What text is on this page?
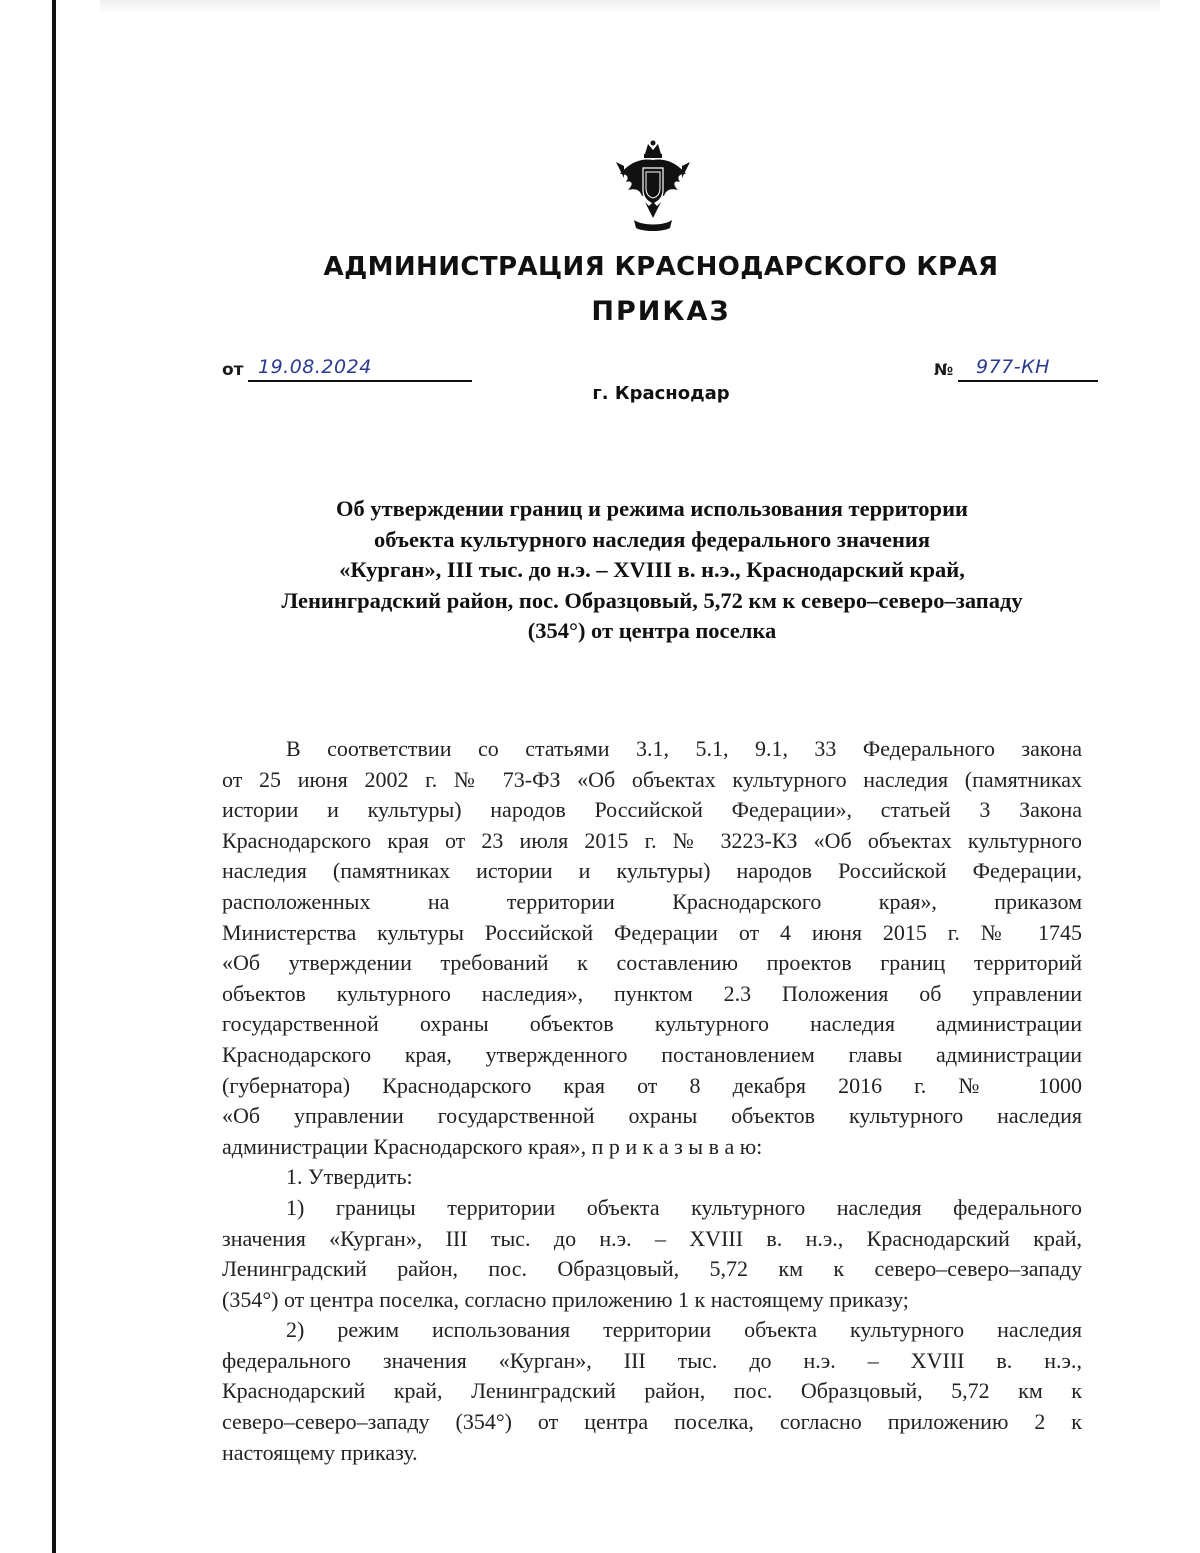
АДМИНИСТРАЦИЯ КРАСНОДАРСКОГО КРАЯ
ПРИКАЗ
от 19.08.2024	№ 977-КН
г. Краснодар
Об утверждении границ и режима использования территории
объекта культурного наследия федерального значения
«Курган», III тыс. до н.э. – XVIII в. н.э., Краснодарский край,
Ленинградский район, пос. Образцовый, 5,72 км к северо–северо–западу
(354°) от центра поселка
В соответствии со статьями 3.1, 5.1, 9.1, 33 Федерального закона
от 25 июня 2002 г. № 73-ФЗ «Об объектах культурного наследия (памятниках
истории и культуры) народов Российской Федерации», статьей 3 Закона
Краснодарского края от 23 июля 2015 г. № 3223-КЗ «Об объектах культурного
наследия (памятниках истории и культуры) народов Российской Федерации,
расположенных на территории Краснодарского края», приказом
Министерства культуры Российской Федерации от 4 июня 2015 г. № 1745
«Об утверждении требований к составлению проектов границ территорий
объектов культурного наследия», пунктом 2.3 Положения об управлении
государственной охраны объектов культурного наследия администрации
Краснодарского края, утвержденного постановлением главы администрации
(губернатора) Краснодарского края от 8 декабря 2016 г. № 1000
«Об управлении государственной охраны объектов культурного наследия
администрации Краснодарского края», п р и к а з ы в а ю:
1. Утвердить:
1) границы территории объекта культурного наследия федерального
значения «Курган», III тыс. до н.э. – XVIII в. н.э., Краснодарский край,
Ленинградский район, пос. Образцовый, 5,72 км к северо–северо–западу
(354°) от центра поселка, согласно приложению 1 к настоящему приказу;
2) режим использования территории объекта культурного наследия
федерального значения «Курган», III тыс. до н.э. – XVIII в. н.э.,
Краснодарский край, Ленинградский район, пос. Образцовый, 5,72 км к
северо–северо–западу (354°) от центра поселка, согласно приложению 2 к
настоящему приказу.
